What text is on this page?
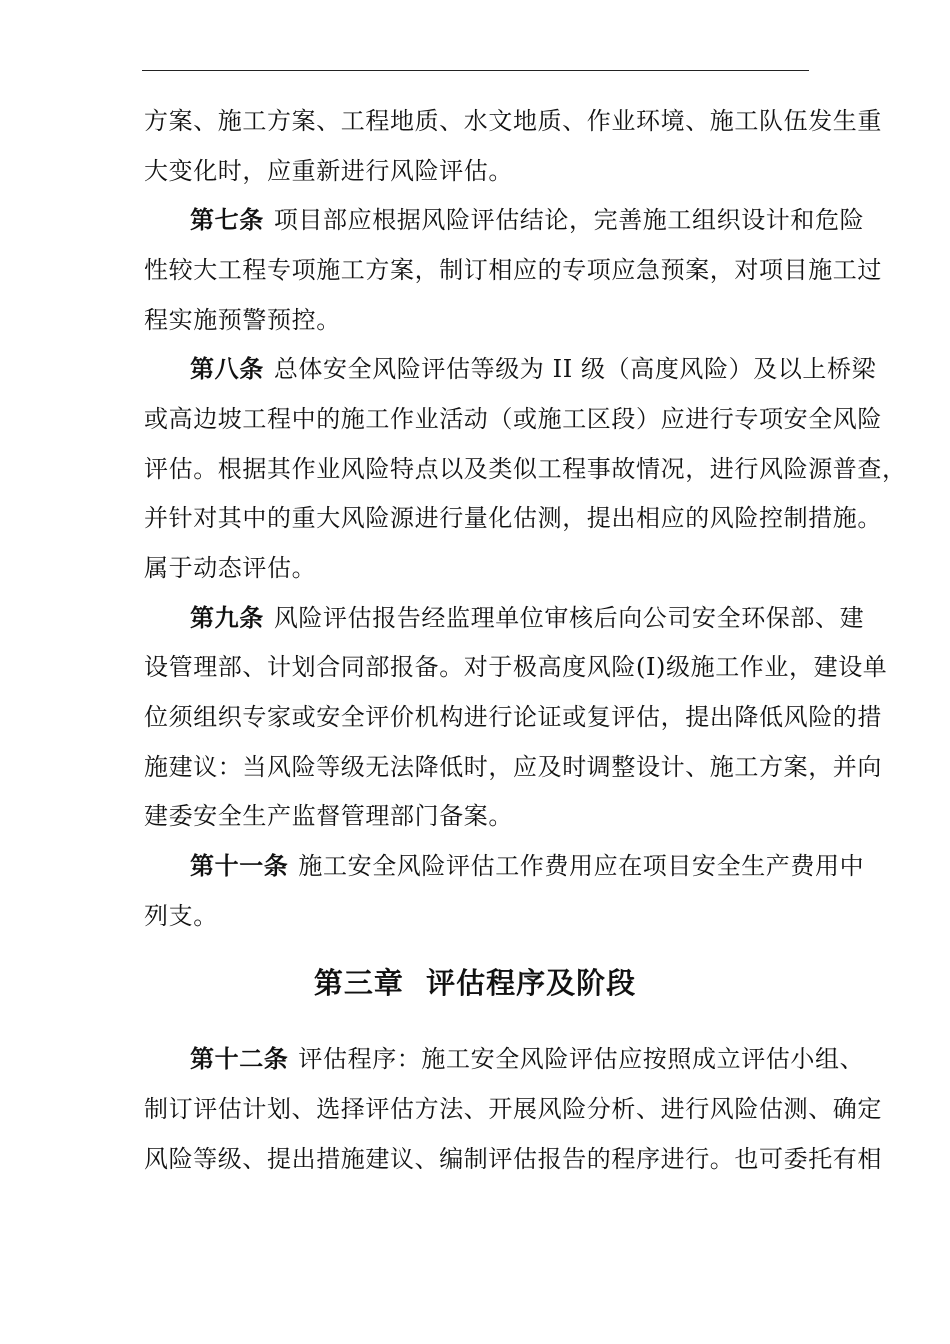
方案、施工方案、工程地质、水文地质、作业环境、施工队伍发生重
大变化时，应重新进行风险评估。
第七条 项目部应根据风险评估结论，完善施工组织设计和危险
性较大工程专项施工方案，制订相应的专项应急预案，对项目施工过
程实施预警预控。
第八条 总体安全风险评估等级为 II 级（高度风险）及以上桥梁
或高边坡工程中的施工作业活动（或施工区段）应进行专项安全风险
评估。根据其作业风险特点以及类似工程事故情况，进行风险源普查，
并针对其中的重大风险源进行量化估测，提出相应的风险控制措施。
属于动态评估。
第九条 风险评估报告经监理单位审核后向公司安全环保部、建
设管理部、计划合同部报备。对于极高度风险(I)级施工作业，建设单
位须组织专家或安全评价机构进行论证或复评估，提出降低风险的措
施建议：当风险等级无法降低时，应及时调整设计、施工方案，并向
建委安全生产监督管理部门备案。
第十一条 施工安全风险评估工作费用应在项目安全生产费用中
列支。
第三章  评估程序及阶段
第十二条 评估程序：施工安全风险评估应按照成立评估小组、
制订评估计划、选择评估方法、开展风险分析、进行风险估测、确定
风险等级、提出措施建议、编制评估报告的程序进行。也可委托有相
